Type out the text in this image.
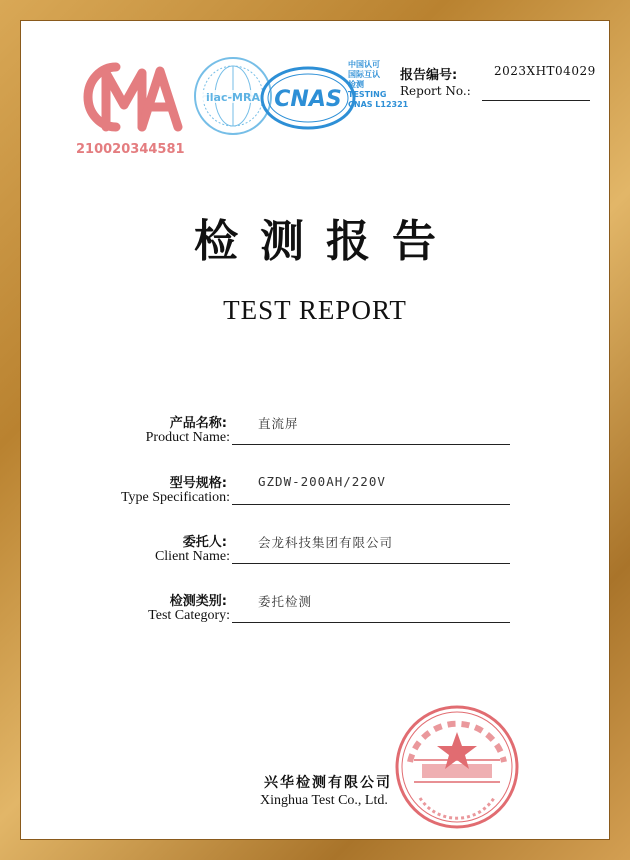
210020344581
ilac-MRA CNAS
中国认可
国际互认
检测
TESTING
CNAS L12321
报告编号:	2023XHT04029
Report No.:
检测报告
TEST REPORT
产品名称:
Product Name:
直流屏
型号规格:
Type Specification:
GZDW-200AH/220V
委托人:
Client Name:
会龙科技集团有限公司
检测类别:
Test Category:
委托检测
兴华检测有限公司
Xinghua Test Co., Ltd.
